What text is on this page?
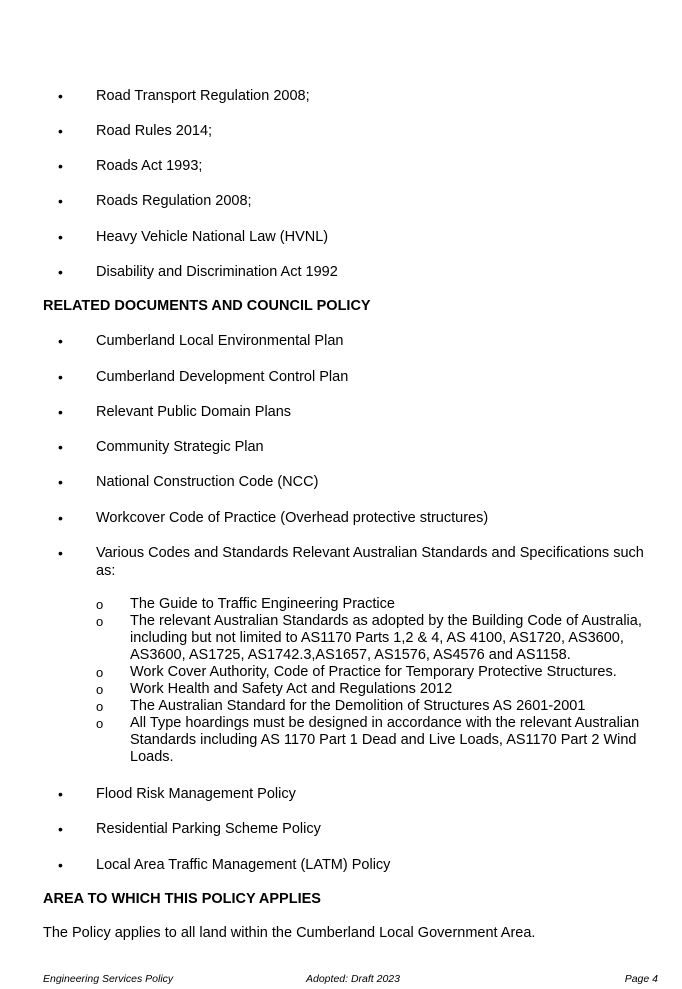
• Road Transport Regulation 2008;
• Road Rules 2014;
• Roads Act 1993;
• Roads Regulation 2008;
• Heavy Vehicle National Law (HVNL)
• Disability and Discrimination Act 1992
RELATED DOCUMENTS AND COUNCIL POLICY
• Cumberland Local Environmental Plan
• Cumberland Development Control Plan
• Relevant Public Domain Plans
• Community Strategic Plan
• National Construction Code (NCC)
• Workcover Code of Practice (Overhead protective structures)
• Various Codes and Standards Relevant Australian Standards and Specifications such as:
o The Guide to Traffic Engineering Practice
o The relevant Australian Standards as adopted by the Building Code of Australia, including but not limited to AS1170 Parts 1,2 & 4, AS 4100, AS1720, AS3600, AS3600, AS1725, AS1742.3,AS1657, AS1576, AS4576 and AS1158.
o Work Cover Authority, Code of Practice for Temporary Protective Structures.
o Work Health and Safety Act and Regulations 2012
o The Australian Standard for the Demolition of Structures AS 2601-2001
o All Type hoardings must be designed in accordance with the relevant Australian Standards including AS 1170 Part 1 Dead and Live Loads, AS1170 Part 2 Wind Loads.
• Flood Risk Management Policy
• Residential Parking Scheme Policy
• Local Area Traffic Management (LATM) Policy
AREA TO WHICH THIS POLICY APPLIES
The Policy applies to all land within the Cumberland Local Government Area.
Engineering Services Policy	Adopted: Draft 2023	Page 4
